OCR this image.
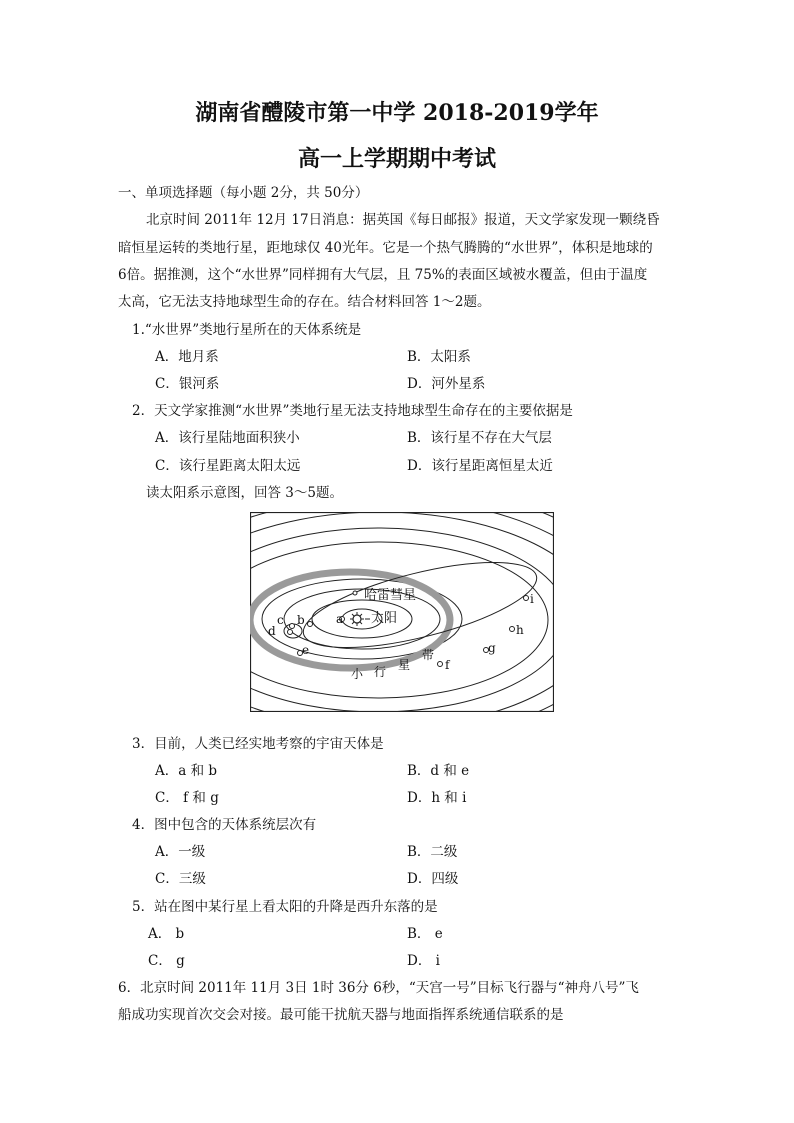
湖南省醴陵市第一中学 2018-2019学年
高一上学期期中考试
一、单项选择题（每小题 2分，共 50分）
北京时间 2011年 12月 17日消息：据英国《每日邮报》报道，天文学家发现一颗绕昏
暗恒星运转的类地行星，距地球仅 40光年。它是一个热气腾腾的“水世界”，体积是地球的
6倍。据推测，这个“水世界”同样拥有大气层，且 75%的表面区域被水覆盖，但由于温度
太高，它无法支持地球型生命的存在。结合材料回答 1～2题。
1.“水世界”类地行星所在的天体系统是
A．地月系	B．太阳系
C．银河系	D．河外星系
2．天文学家推测“水世界”类地行星无法支持地球型生命存在的主要依据是
A．该行星陆地面积狭小	B．该行星不存在大气层
C．该行星距离太阳太远	D．该行星距离恒星太近
读太阳系示意图，回答 3～5题。
a
b
c
d
e
f
g
h
i
哈雷彗星
太阳
小 行 星
带
3．目前，人类已经实地考察的宇宙天体是
A．a 和 b	B．d 和 e
C． f 和 g	D．h 和 i
4．图中包含的天体系统层次有
A．一级	B．二级
C．三级	D．四级
5．站在图中某行星上看太阳的升降是西升东落的是
A． b	B． e
C． g	D． i
6．北京时间 2011年 11月 3日 1时 36分 6秒，“天宫一号”目标飞行器与“神舟八号”飞
船成功实现首次交会对接。最可能干扰航天器与地面指挥系统通信联系的是
